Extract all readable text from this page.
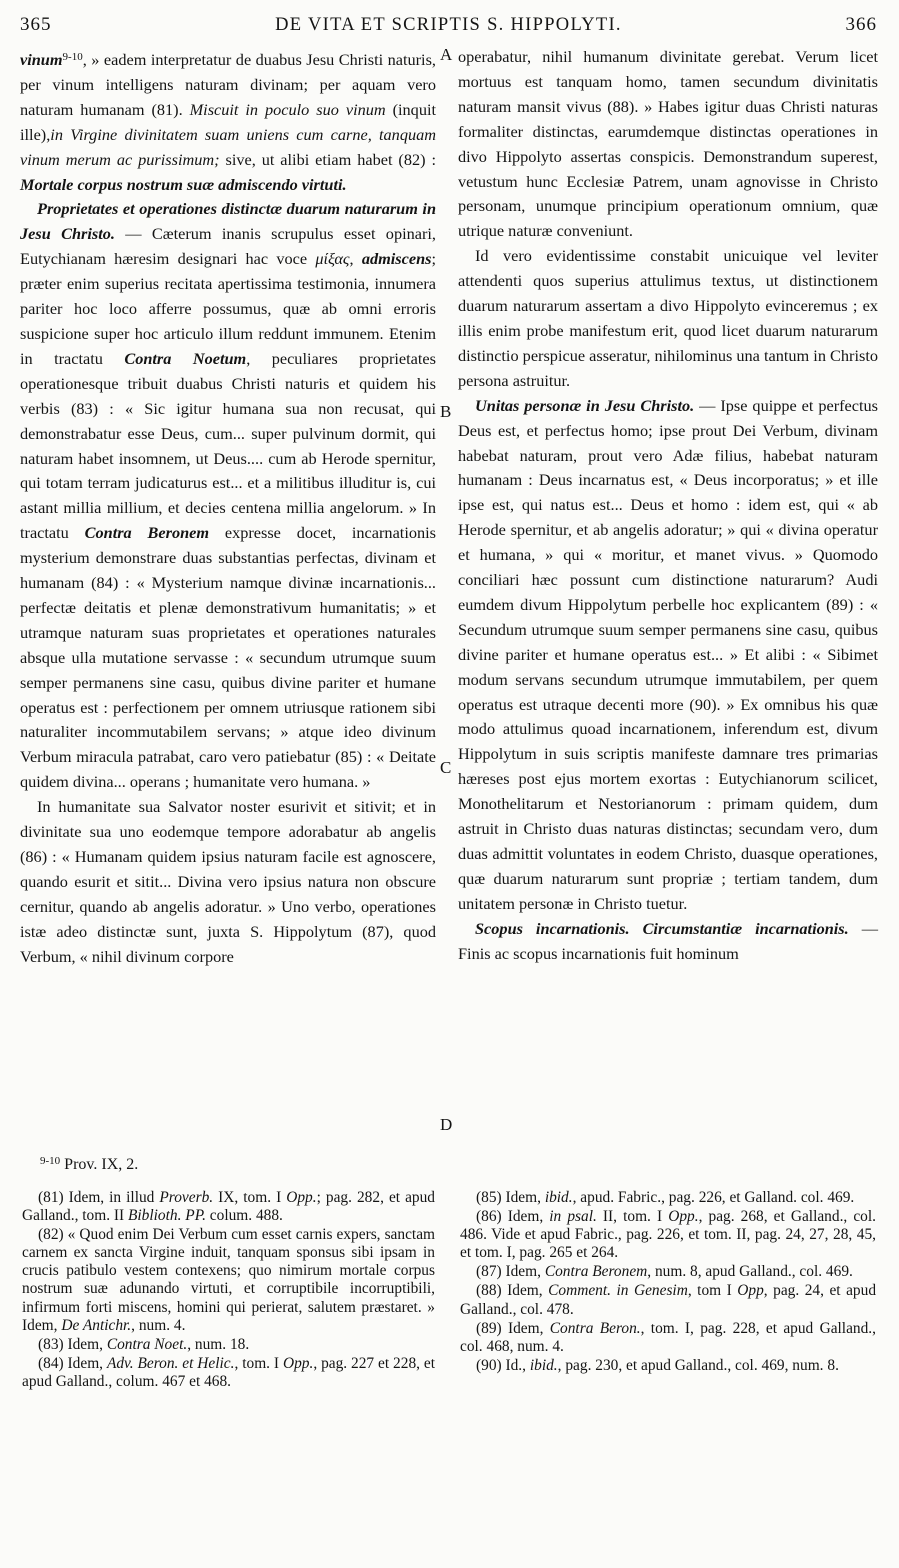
365	DE VITA ET SCRIPTIS S. HIPPOLYTI.	366

vinum$^{9-10}$, » eadem interpretatur de duabus Jesu Christi naturis, per vinum intelligens naturam divinam; per aquam vero naturam humanam (81). Miscuit in poculo suo vinum (inquit ille),in Virgine divinitatem suam uniens cum carne, tanquam vinum merum ac purissimum; sive, ut alibi etiam habet (82) : Mortale corpus nostrum suæ admiscendo virtuti.

Proprietates et operationes distinctæ duarum naturarum in Jesu Christo. — Cæterum inanis scrupulus esset opinari, Eutychianam hæresim designari hac voce μίξας, admiscens; præter enim superius recitata apertissima testimonia, innumera pariter hoc loco afferre possumus, quæ ab omni erroris suspicione super hoc articulo illum reddunt immunem. Etenim in tractatu Contra Noetum, peculiares proprietates operationesque tribuit duabus Christi naturis et quidem his verbis (83) : « Sic igitur humana sua non recusat, qui demonstrabatur esse Deus, cum... super pulvinum dormit, qui naturam habet insomnem, ut Deus.... cum ab Herode spernitur, qui totam terram judicaturus est... et a militibus illuditur is, cui astant millia millium, et decies centena millia angelorum. » In tractatu Contra Beronem expresse docet, incarnationis mysterium demonstrare duas substantias perfectas, divinam et humanam (84) : « Mysterium namque divinæ incarnationis... perfectæ deitatis et plenæ demonstrativum humanitatis; » et utramque naturam suas proprietates et operationes naturales absque ulla mutatione servasse : « secundum utrumque suum semper permanens sine casu, quibus divine pariter et humane operatus est : perfectionem per omnem utriusque rationem sibi naturaliter incommutabilem servans; » atque ideo divinum Verbum miracula patrabat, caro vero patiebatur (85) : « Deitate quidem divina... operans ; humanitate vero humana. »

In humanitate sua Salvator noster esurivit et sitivit; et in divinitate sua uno eodemque tempore adorabatur ab angelis (86) : « Humanam quidem ipsius naturam facile est agnoscere, quando esurit et sitit... Divina vero ipsius natura non obscure cernitur, quando ab angelis adoratur. » Uno verbo, operationes istæ adeo distinctæ sunt, juxta S. Hippolytum (87), quod Verbum, « nihil divinum corpore

operabatur, nihil humanum divinitate gerebat. Verum licet mortuus est tanquam homo, tamen secundum divinitatis naturam mansit vivus (88). » Habes igitur duas Christi naturas formaliter distinctas, earumdemque distinctas operationes in divo Hippolyto assertas conspicis. Demonstrandum superest, vetustum hunc Ecclesiæ Patrem, unam agnovisse in Christo personam, unumque principium operationum omnium, quæ utrique naturæ conveniunt.

Id vero evidentissime constabit unicuique vel leviter attendenti quos superius attulimus textus, ut distinctionem duarum naturarum assertam a divo Hippolyto evinceremus ; ex illis enim probe manifestum erit, quod licet duarum naturarum distinctio perspicue asseratur, nihilominus una tantum in Christo persona astruitur.

Unitas personæ in Jesu Christo. — Ipse quippe et perfectus Deus est, et perfectus homo; ipse prout Dei Verbum, divinam habebat naturam, prout vero Adæ filius, habebat naturam humanam : Deus incarnatus est, « Deus incorporatus; » et ille ipse est, qui natus est... Deus et homo : idem est, qui « ab Herode spernitur, et ab angelis adoratur; » qui « divina operatur et humana, » qui « moritur, et manet vivus. » Quomodo conciliari hæc possunt cum distinctione naturarum? Audi eumdem divum Hippolytum perbelle hoc explicantem (89) : « Secundum utrumque suum semper permanens sine casu, quibus divine pariter et humane operatus est... » Et alibi : « Sibimet modum servans secundum utrumque immutabilem, per quem operatus est utraque decenti more (90). » Ex omnibus his quæ modo attulimus quoad incarnationem, inferendum est, divum Hippolytum in suis scriptis manifeste damnare tres primarias hæreses post ejus mortem exortas : Eutychianorum scilicet, Monothelitarum et Nestorianorum : primam quidem, dum astruit in Christo duas naturas distinctas; secundam vero, dum duas admittit voluntates in eodem Christo, duasque operationes, quæ duarum naturarum sunt propriæ ; tertiam tandem, dum unitatem personæ in Christo tuetur.

Scopus incarnationis. Circumstantiæ incarnationis. — Finis ac scopus incarnationis fuit hominum

A
B
C
D
$^{9-10}$ Prov. IX, 2.

(81) Idem, in illud Proverb. IX, tom. I Opp.; pag. 282, et apud Galland., tom. II Biblioth. PP. colum. 488.

(82) « Quod enim Dei Verbum cum esset carnis expers, sanctam carnem ex sancta Virgine induit, tanquam sponsus sibi ipsam in crucis patibulo vestem contexens; quo nimirum mortale corpus nostrum suæ adunando virtuti, et corruptibile incorruptibili, infirmum forti miscens, homini qui perierat, salutem præstaret. » Idem, De Antichr., num. 4.

(83) Idem, Contra Noet., num. 18.

(84) Idem, Adv. Beron. et Helic., tom. I Opp., pag. 227 et 228, et apud Galland., colum. 467 et 468.

(85) Idem, ibid., apud. Fabric., pag. 226, et Galland. col. 469.

(86) Idem, in psal. II, tom. I Opp., pag. 268, et Galland., col. 486. Vide et apud Fabric., pag. 226, et tom. II, pag. 24, 27, 28, 45, et tom. I, pag. 265 et 264.

(87) Idem, Contra Beronem, num. 8, apud Galland., col. 469.

(88) Idem, Comment. in Genesim, tom I Opp, pag. 24, et apud Galland., col. 478.

(89) Idem, Contra Beron., tom. I, pag. 228, et apud Galland., col. 468, num. 4.

(90) Id., ibid., pag. 230, et apud Galland., col. 469, num. 8.
